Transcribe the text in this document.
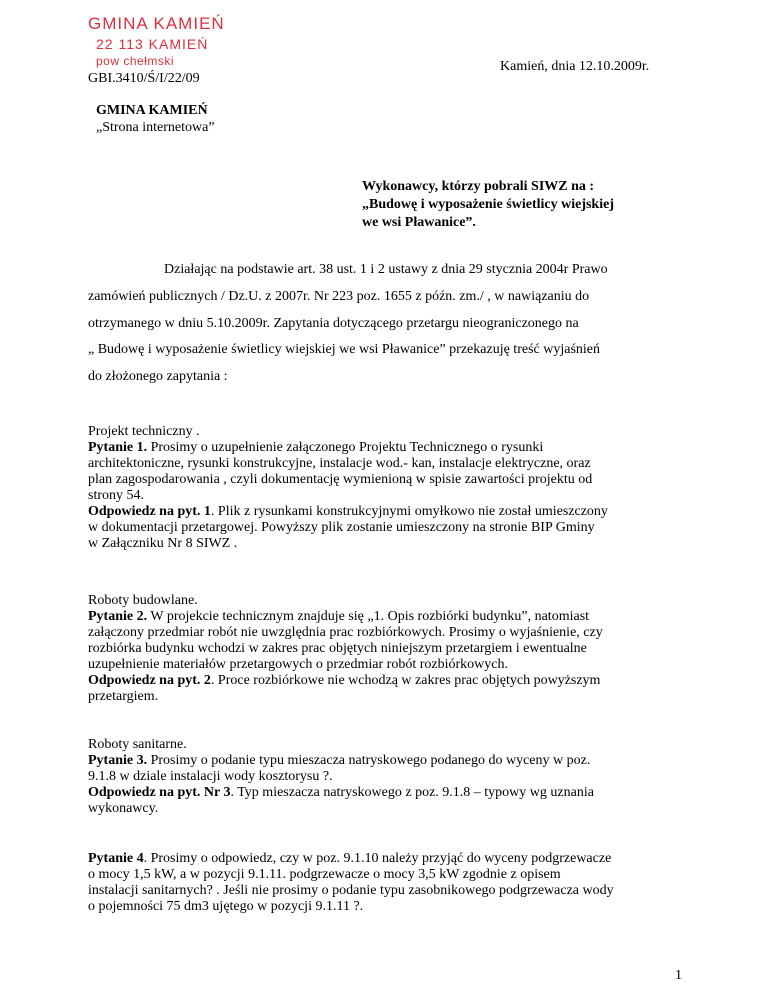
GMINA KAMIEŃ
22 113 KAMIEŃ
pow chełmski	Kamień, dnia 12.10.2009r.
GBI.3410/Ś/I/22/09
GMINA KAMIEŃ
„Strona internetowa”
Wykonawcy, którzy pobrali SIWZ na :
„Budowę i wyposażenie świetlicy wiejskiej
we wsi Pławanice”.
Działając na podstawie art. 38 ust. 1 i 2 ustawy z dnia 29 stycznia 2004r Prawo
zamówień publicznych / Dz.U. z 2007r. Nr 223 poz. 1655 z późn. zm./ , w nawiązaniu do
otrzymanego w dniu 5.10.2009r. Zapytania dotyczącego przetargu nieograniczonego na
„ Budowę i wyposażenie świetlicy wiejskiej we wsi Pławanice” przekazuję treść wyjaśnień
do złożonego zapytania :
Projekt techniczny .
Pytanie 1. Prosimy o uzupełnienie załączonego Projektu Technicznego o rysunki
architektoniczne, rysunki konstrukcyjne, instalacje wod.- kan, instalacje elektryczne, oraz
plan zagospodarowania , czyli dokumentację wymienioną w spisie zawartości projektu od
strony 54.
Odpowiedz na pyt. 1. Plik z rysunkami konstrukcyjnymi omyłkowo nie został umieszczony
w dokumentacji przetargowej. Powyższy plik zostanie umieszczony na stronie BIP Gminy
w Załączniku Nr 8 SIWZ .
Roboty budowlane.
Pytanie 2. W projekcie technicznym znajduje się „1. Opis rozbiórki budynku”, natomiast
załączony przedmiar robót nie uwzględnia prac rozbiórkowych. Prosimy o wyjaśnienie, czy
rozbiórka budynku wchodzi w zakres prac objętych niniejszym przetargiem i ewentualne
uzupełnienie materiałów przetargowych o przedmiar robót rozbiórkowych.
Odpowiedz na pyt. 2. Proce rozbiórkowe nie wchodzą w zakres prac objętych powyższym
przetargiem.
Roboty sanitarne.
Pytanie 3. Prosimy o podanie typu mieszacza natryskowego podanego do wyceny w poz.
9.1.8 w dziale instalacji wody kosztorysu ?.
Odpowiedz na pyt. Nr 3. Typ mieszacza natryskowego z poz. 9.1.8 – typowy wg uznania
wykonawcy.
Pytanie 4. Prosimy o odpowiedz, czy w poz. 9.1.10 należy przyjąć do wyceny podgrzewacze
o mocy 1,5 kW, a w pozycji 9.1.11. podgrzewacze o mocy 3,5 kW zgodnie z opisem
instalacji sanitarnych? . Jeśli nie prosimy o podanie typu zasobnikowego podgrzewacza wody
o pojemności 75 dm3 ujętego w pozycji 9.1.11 ?.
1
